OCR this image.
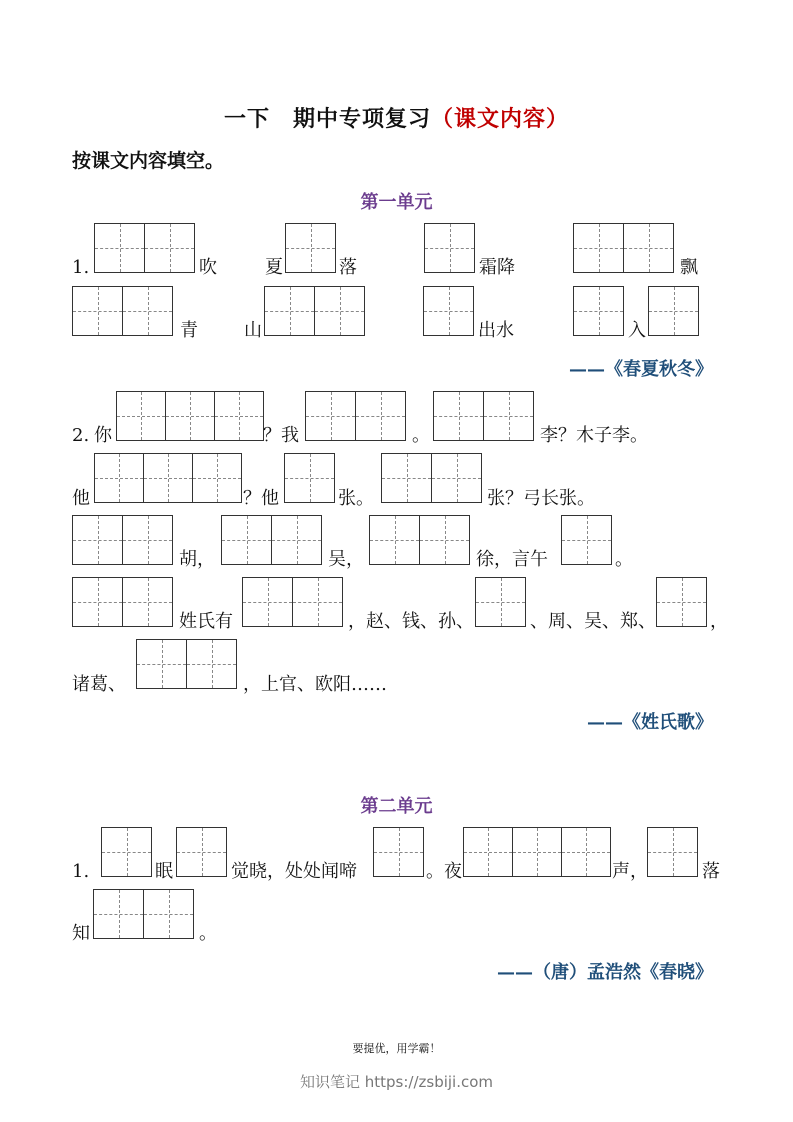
一下　期中专项复习（课文内容）
按课文内容填空。
第一单元
1.	吹	夏	落	霜降	飘
青	山	出水	入
——《春夏秋冬》
2. 你	？我	。	李？木子李。
他	？他	张。	张？弓长张。
胡，	吴，	徐，言午	。
姓氏有	，赵、钱、孙、	、周、吴、郑、	，
诸葛、	，上官、欧阳……
——《姓氏歌》
第二单元
1.	眠	觉晓，处处闻啼	。夜	声，	落
知	。
——（唐）孟浩然《春晓》
要提优，用学霸！
知识笔记 https://zsbiji.com
